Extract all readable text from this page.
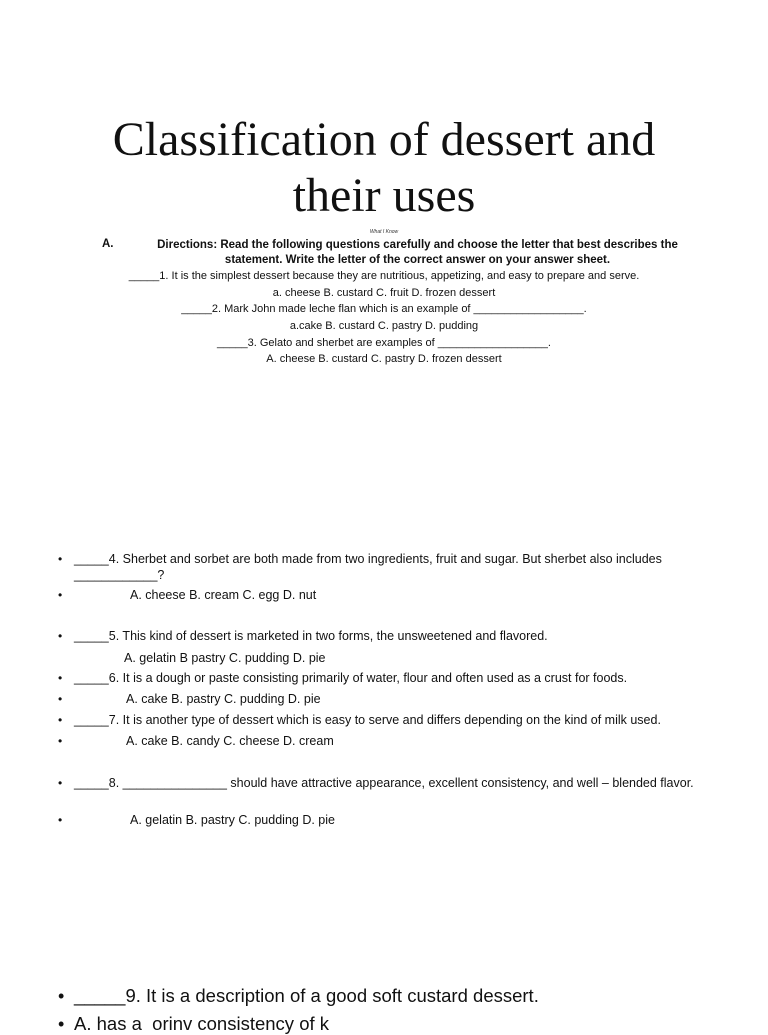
Classification of dessert and
their uses
What I Know
A.	Directions: Read the following questions carefully and choose the letter that best describes the statement. Write the letter of the correct answer on your answer sheet.
_____1. It is the simplest dessert because they are nutritious, appetizing, and easy to prepare and serve.
a. cheese B. custard C. fruit D. frozen dessert
_____2. Mark John made leche flan which is an example of __________________.
a.cake B. custard C. pastry D. pudding
_____3. Gelato and sherbet are examples of __________________.
A. cheese B. custard C. pastry D. frozen dessert
• _____4. Sherbet and sorbet are both made from two ingredients, fruit and sugar. But sherbet also includes ____________?
•	A. cheese B. cream C. egg D. nut
• _____5. This kind of dessert is marketed in two forms, the unsweetened and flavored.
A. gelatin B pastry C. pudding D. pie
• _____6. It is a dough or paste consisting primarily of water, flour and often used as a crust for foods.
•	A. cake B. pastry C. pudding D. pie
• _____7. It is another type of dessert which is easy to serve and differs depending on the kind of milk used.
•	A. cake B. candy C. cheese D. cream
• _____8. _______________ should have attractive appearance, excellent consistency, and well – blended flavor.
•	A. gelatin B. pastry C. pudding D. pie
• _____9. It is a description of a good soft custard dessert.
• A. has a  orinv consistency of k
